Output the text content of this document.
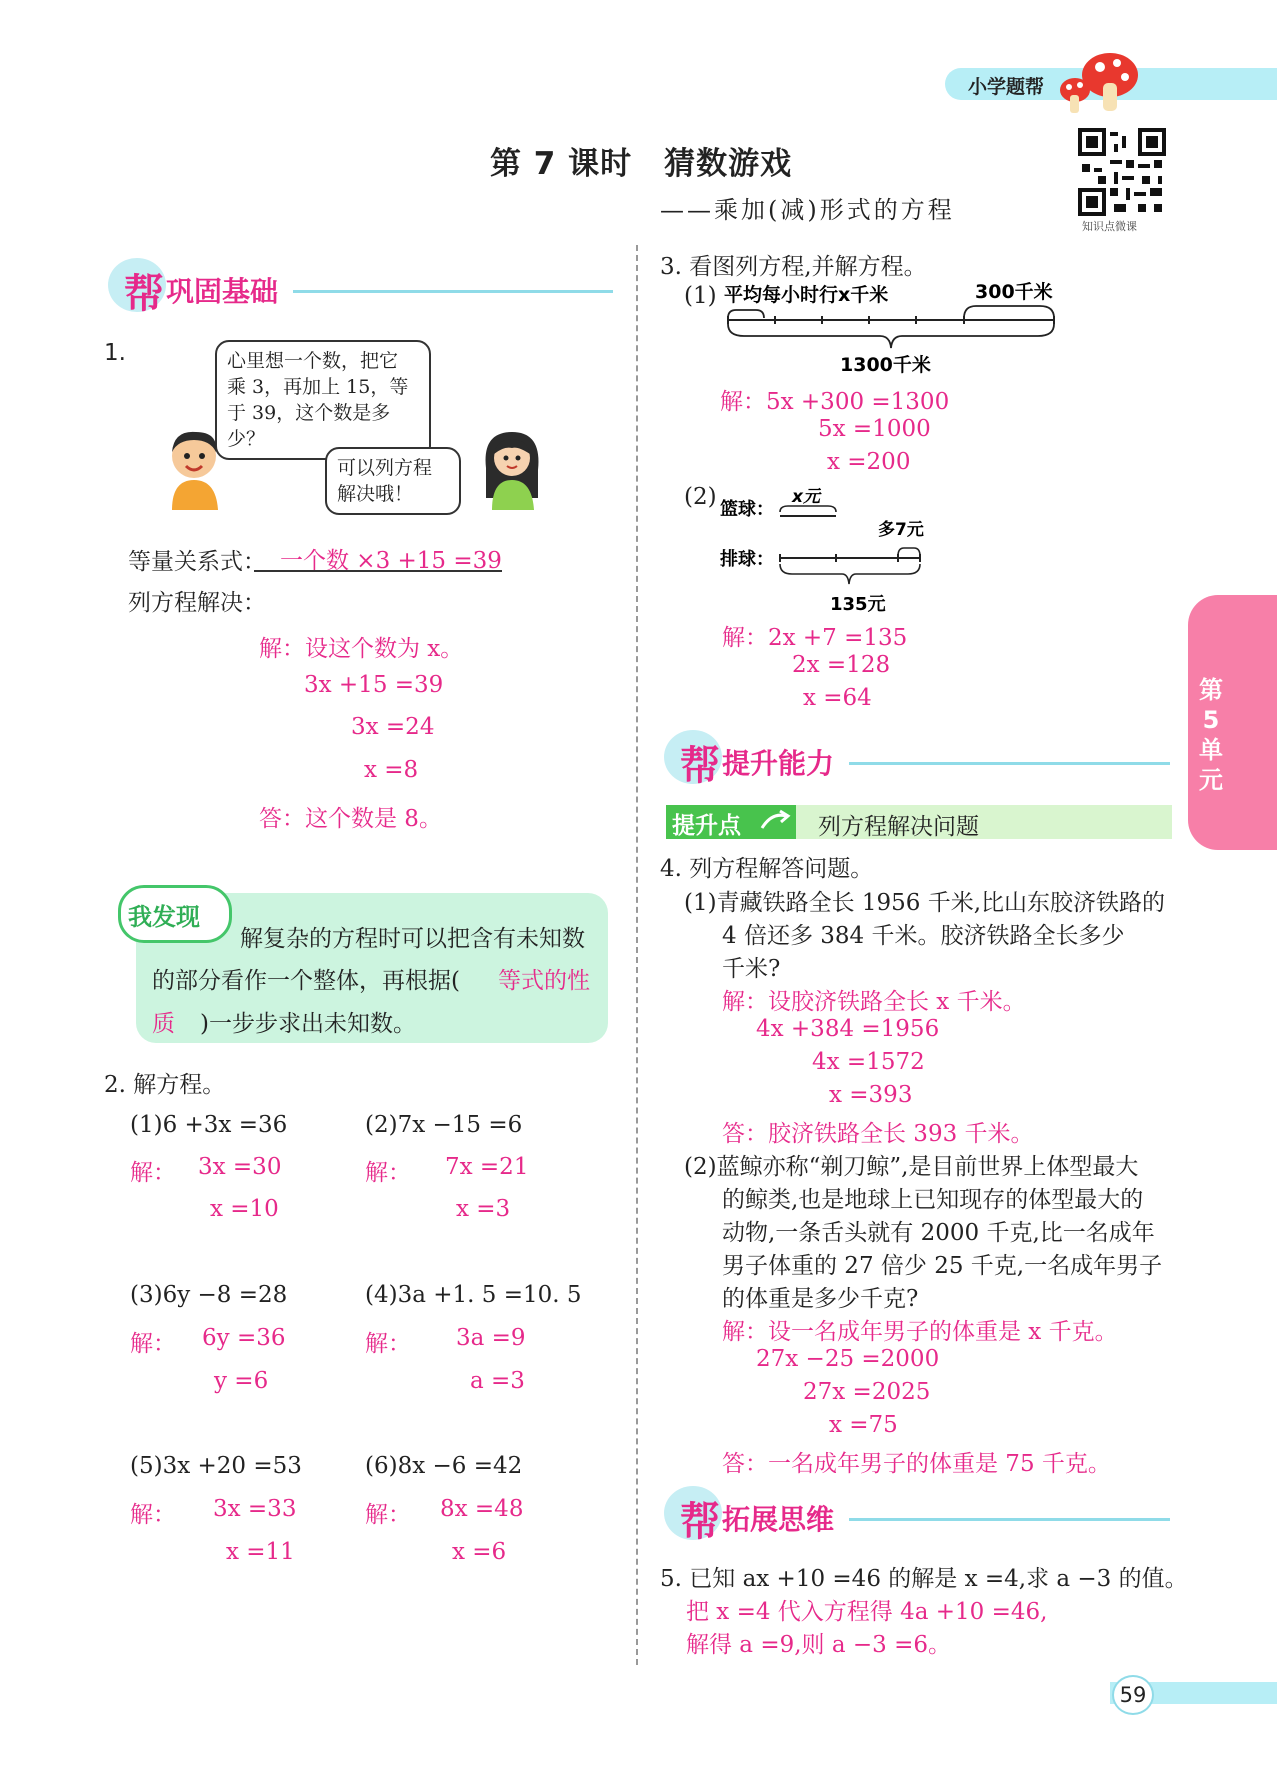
小学题帮
第 7 课时　猜数游戏
——乘加(减)形式的方程
知识点微课
帮 巩固基础
1.	心里想一个数，把它
乘 3，再加上 15，等
于 39，这个数是多少？
可以列方程
解决哦！
等量关系式： 一个数 ×3 +15 =39
列方程解决：
解：设这个数为 x。
3x +15 =39
3x =24
x =8
答：这个数是 8。
我发现
解复杂的方程时可以把含有未知数
的部分看作一个整体，再根据( 等式的性
质 )一步步求出未知数。
2. 解方程。
(1)6 +3x =36
解： 3x =30
x =10
(2)7x −15 =6
解： 7x =21
x =3
(3)6y −8 =28
解： 6y =36
y =6
(4)3a +1. 5 =10. 5
解： 3a =9
a =3
(5)3x +20 =53
解： 3x =33
x =11
(6)8x −6 =42
解： 8x =48
x =6
3. 看图列方程,并解方程。
(1) 平均每小时行x千米	300千米
1300千米
解：5x +300 =1300
5x =1000
x =200
(2) 篮球：
x元
多7元
排球：
135元
解：2x +7 =135
2x =128
x =64
帮 提升能力
提升点	列方程解决问题
4. 列方程解答问题。
(1)青藏铁路全长 1956 千米,比山东胶济铁路的
4 倍还多 384 千米。胶济铁路全长多少
千米?
解：设胶济铁路全长 x 千米。
4x +384 =1956
4x =1572
x =393
答：胶济铁路全长 393 千米。
(2)蓝鲸亦称“剃刀鲸”,是目前世界上体型最大
的鲸类,也是地球上已知现存的体型最大的
动物,一条舌头就有 2000 千克,比一名成年
男子体重的 27 倍少 25 千克,一名成年男子
的体重是多少千克?
解：设一名成年男子的体重是 x 千克。
27x −25 =2000
27x =2025
x =75
答：一名成年男子的体重是 75 千克。
帮 拓展思维
5. 已知 ax +10 =46 的解是 x =4,求 a −3 的值。
把 x =4 代入方程得 4a +10 =46,
解得 a =9,则 a −3 =6。
第
5
单
元
59
